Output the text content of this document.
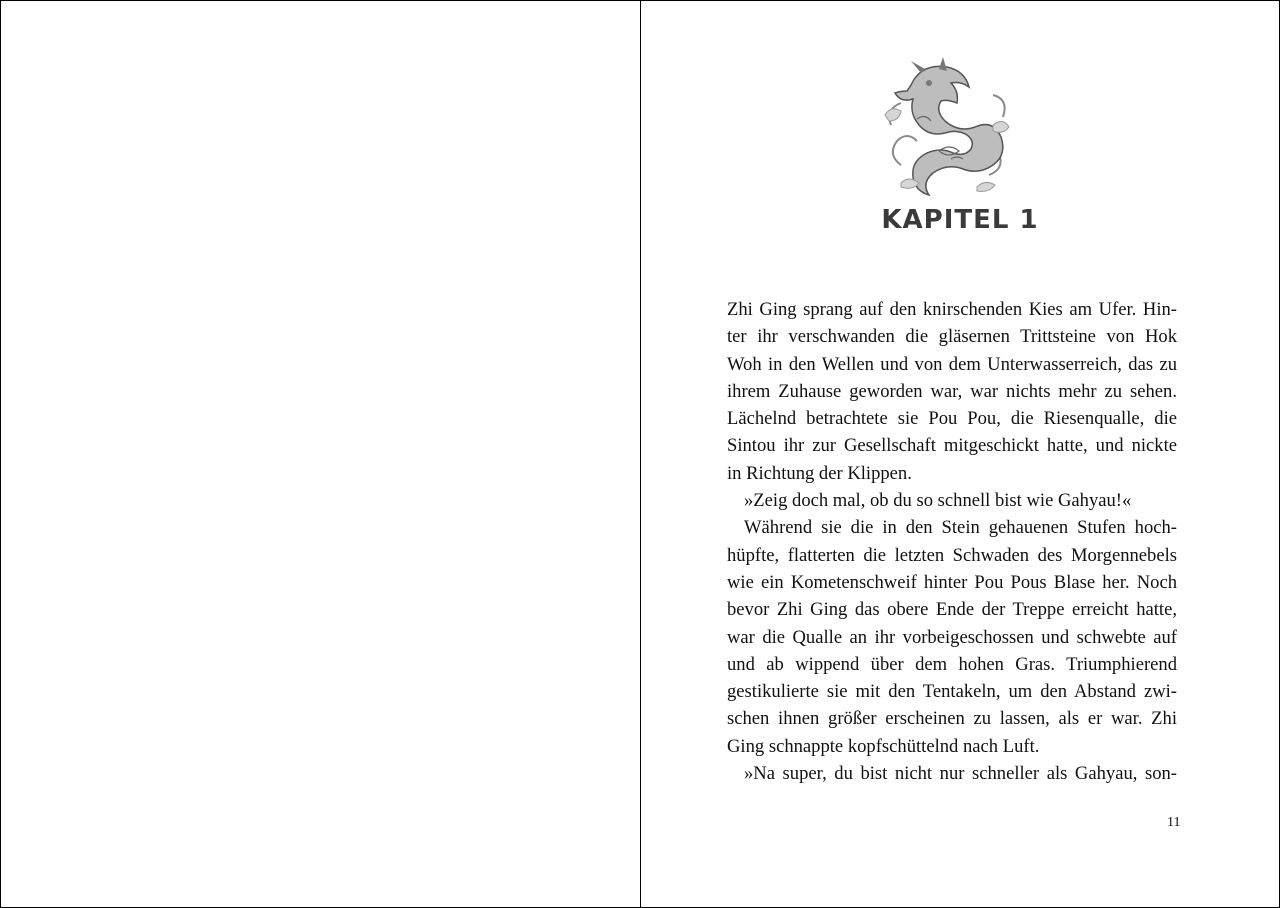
KAPITEL 1
Zhi Ging sprang auf den knirschenden Kies am Ufer. Hin-
ter ihr verschwanden die gläsernen Trittsteine von Hok
Woh in den Wellen und von dem Unterwasserreich, das zu
ihrem Zuhause geworden war, war nichts mehr zu sehen.
Lächelnd betrachtete sie Pou Pou, die Riesenqualle, die
Sintou ihr zur Gesellschaft mitgeschickt hatte, und nickte
in Richtung der Klippen.
»Zeig doch mal, ob du so schnell bist wie Gahyau!«
Während sie die in den Stein gehauenen Stufen hoch-
hüpfte, flatterten die letzten Schwaden des Morgennebels
wie ein Kometenschweif hinter Pou Pous Blase her. Noch
bevor Zhi Ging das obere Ende der Treppe erreicht hatte,
war die Qualle an ihr vorbeigeschossen und schwebte auf
und ab wippend über dem hohen Gras. Triumphierend
gestikulierte sie mit den Tentakeln, um den Abstand zwi-
schen ihnen größer erscheinen zu lassen, als er war. Zhi
Ging schnappte kopfschüttelnd nach Luft.
»Na super, du bist nicht nur schneller als Gahyau, son-
11
